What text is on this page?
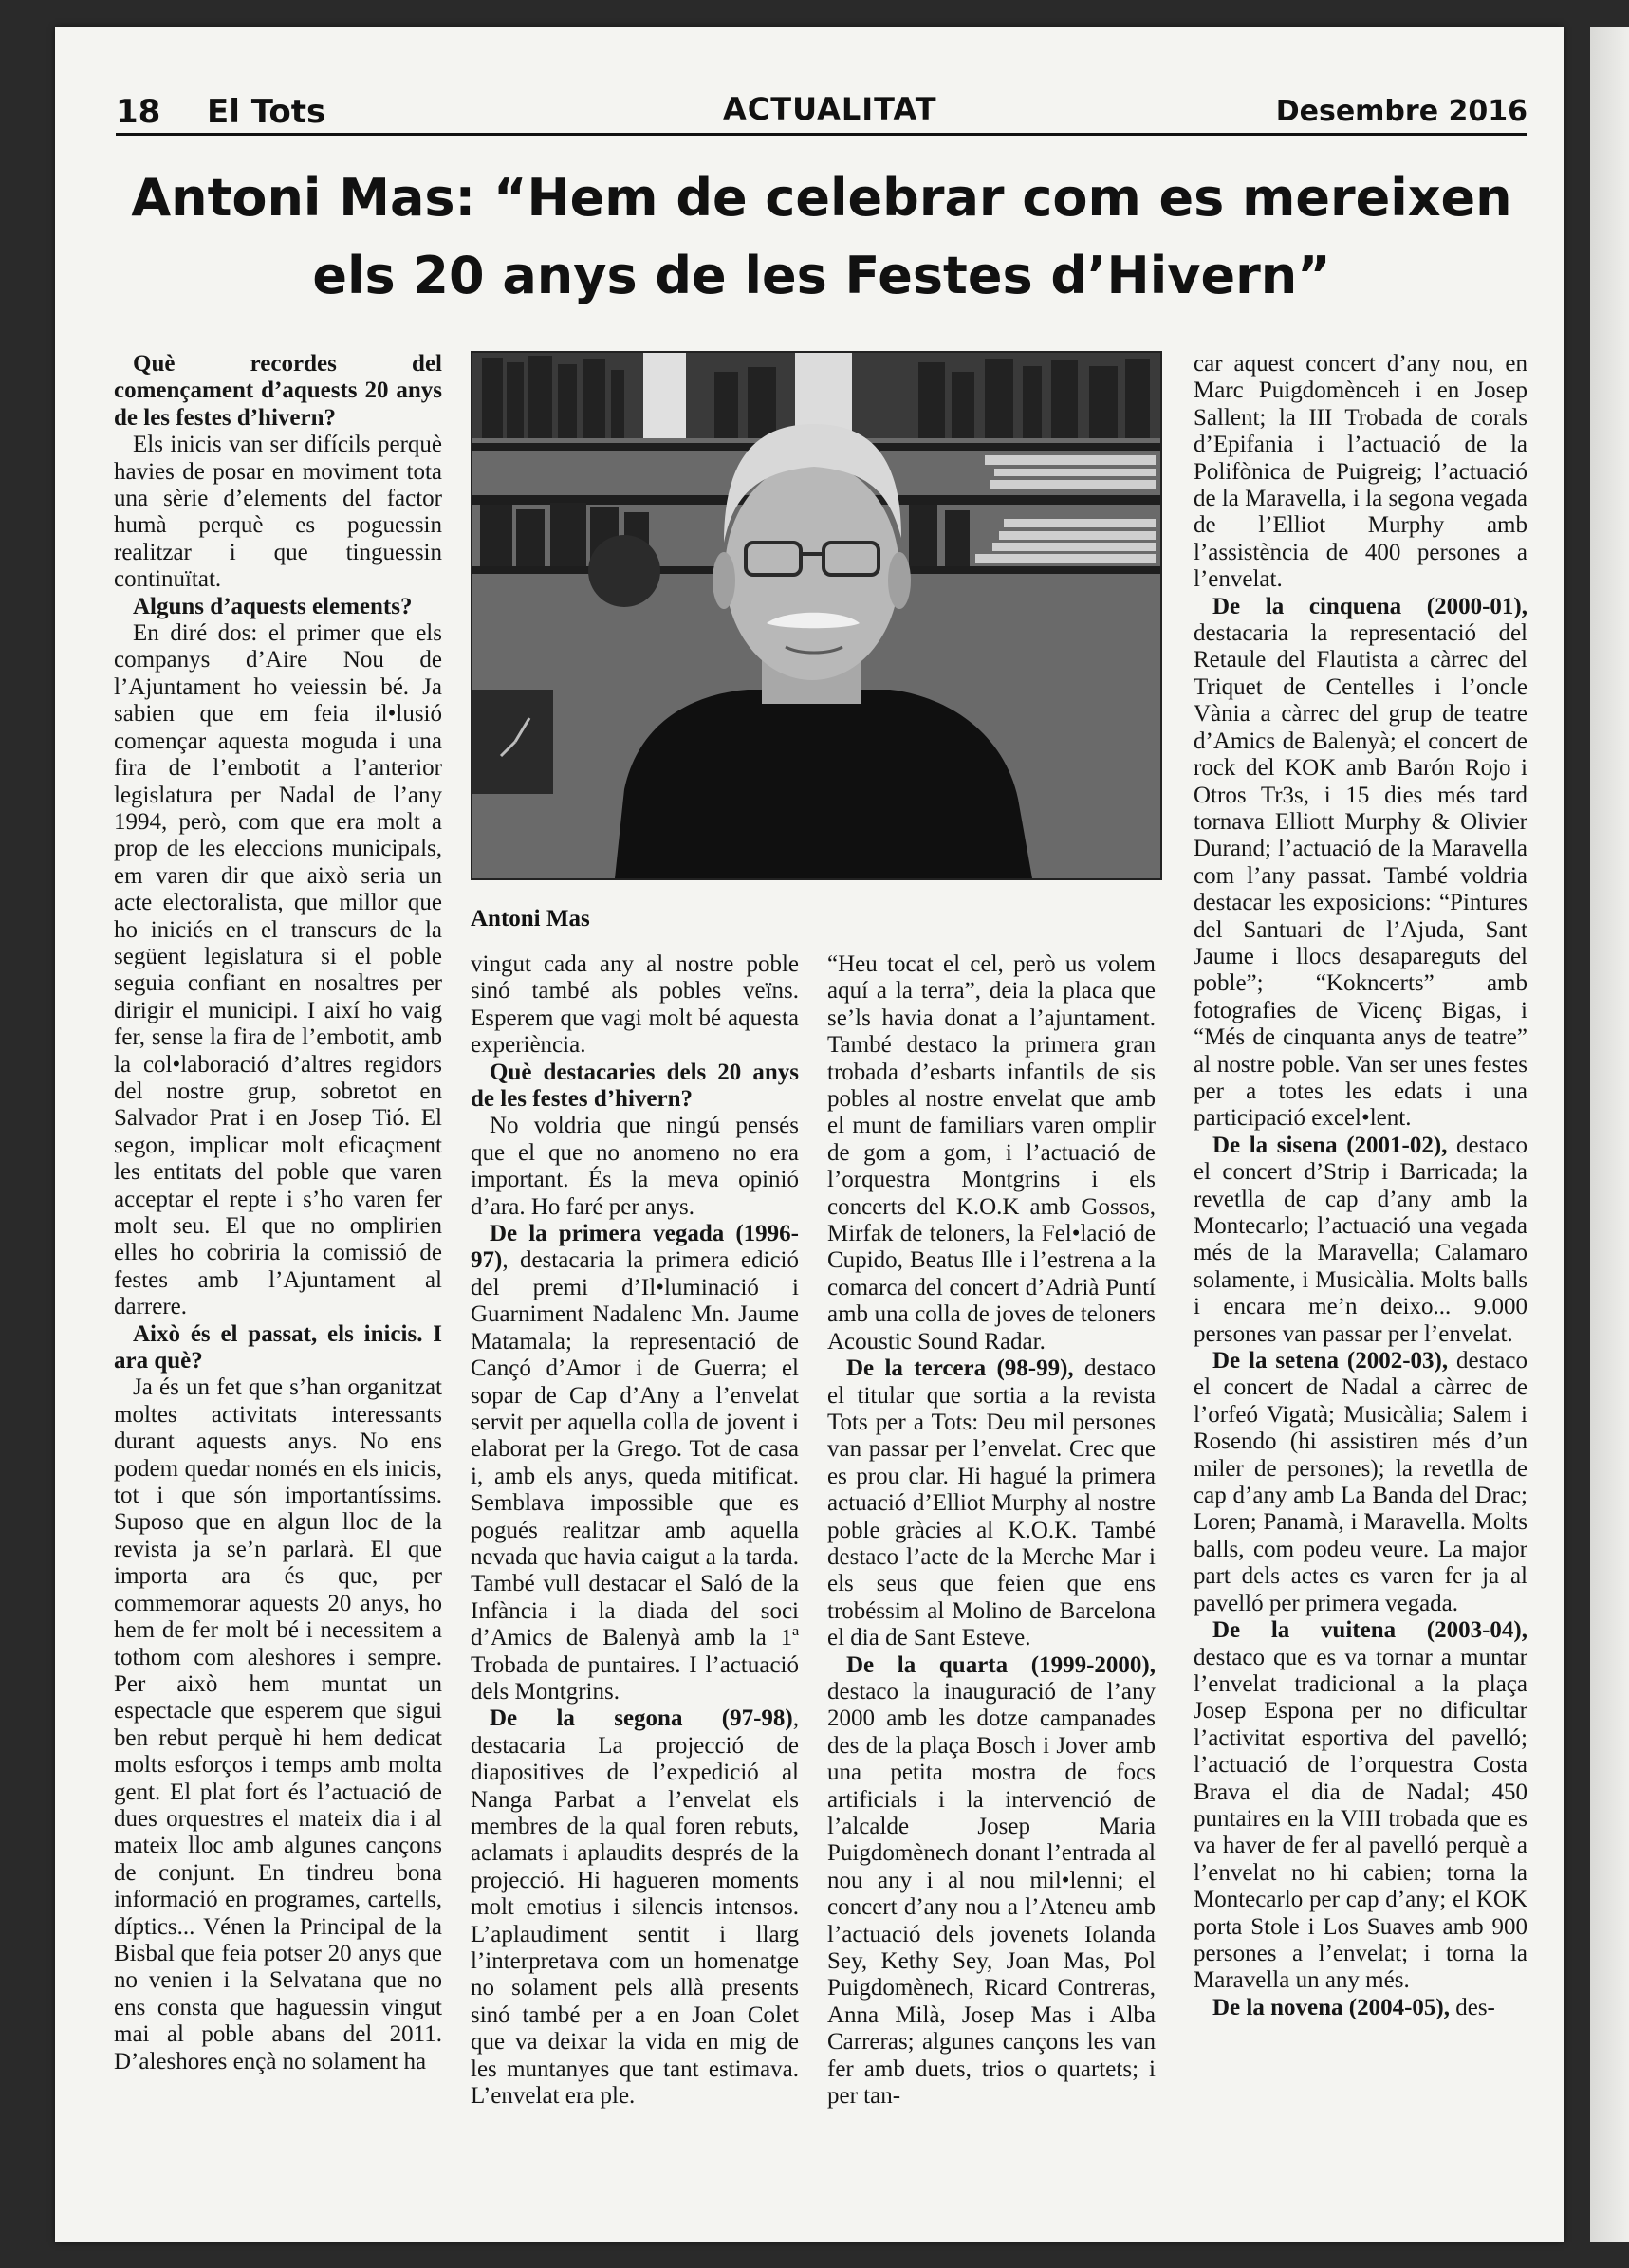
18 El Tots	ACTUALITAT	Desembre 2016
Antoni Mas: “Hem de celebrar com es mereixen
els 20 anys de les Festes d’Hivern”

Què recordes del començament d’aquests 20 anys de les festes d’hivern?

Els inicis van ser difícils perquè havies de posar en moviment tota una sèrie d’elements del factor humà perquè es poguessin realitzar i que tinguessin continuïtat.

Alguns d’aquests elements?

En diré dos: el primer que els companys d’Aire Nou de l’Ajuntament ho veiessin bé. Ja sabien que em feia il•lusió començar aquesta moguda i una fira de l’embotit a l’anterior legislatura per Nadal de l’any 1994, però, com que era molt a prop de les eleccions municipals, em varen dir que això seria un acte electoralista, que millor que ho iniciés en el transcurs de la següent legislatura si el poble seguia confiant en nosaltres per dirigir el municipi. I així ho vaig fer, sense la fira de l’embotit, amb la col•laboració d’altres regidors del nostre grup, sobretot en Salvador Prat i en Josep Tió. El segon, implicar molt eficaçment les entitats del poble que varen acceptar el repte i s’ho varen fer molt seu. El que no omplirien elles ho cobriria la comissió de festes amb l’Ajuntament al darrere.

Això és el passat, els inicis. I ara què?

Ja és un fet que s’han organitzat moltes activitats interessants durant aquests anys. No ens podem quedar només en els inicis, tot i que són importantíssims. Suposo que en algun lloc de la revista ja se’n parlarà. El que importa ara és que, per commemorar aquests 20 anys, ho hem de fer molt bé i necessitem a tothom com aleshores i sempre. Per això hem muntat un espectacle que esperem que sigui ben rebut perquè hi hem dedicat molts esforços i temps amb molta gent. El plat fort és l’actuació de dues orquestres el mateix dia i al mateix lloc amb algunes cançons de conjunt. En tindreu bona informació en programes, cartells, díptics... Vénen la Principal de la Bisbal que feia potser 20 anys que no venien i la Selvatana que no ens consta que haguessin vingut mai al poble abans del 2011. D’aleshores ençà no solament ha

Antoni Mas

vingut cada any al nostre poble sinó també als pobles veïns. Esperem que vagi molt bé aquesta experiència.

Què destacaries dels 20 anys de les festes d’hivern?

No voldria que ningú pensés que el que no anomeno no era important. És la meva opinió d’ara. Ho faré per anys.

De la primera vegada (1996-97), destacaria la primera edició del premi d’Il•luminació i Guarniment Nadalenc Mn. Jaume Matamala; la representació de Cançó d’Amor i de Guerra; el sopar de Cap d’Any a l’envelat servit per aquella colla de jovent i elaborat per la Grego. Tot de casa i, amb els anys, queda mitificat. Semblava impossible que es pogués realitzar amb aquella nevada que havia caigut a la tarda. També vull destacar el Saló de la Infància i la diada del soci d’Amics de Balenyà amb la 1ª Trobada de puntaires. I l’actuació dels Montgrins.

De la segona (97-98), destacaria La projecció de diapositives de l’expedició al Nanga Parbat a l’envelat els membres de la qual foren rebuts, aclamats i aplaudits després de la projecció. Hi hagueren moments molt emotius i silencis intensos. L’aplaudiment sentit i llarg l’interpretava com un homenatge no solament pels allà presents sinó també per a en Joan Colet que va deixar la vida en mig de les muntanyes que tant estimava. L’envelat era ple.

“Heu tocat el cel, però us volem aquí a la terra”, deia la placa que se’ls havia donat a l’ajuntament. També destaco la primera gran trobada d’esbarts infantils de sis pobles al nostre envelat que amb el munt de familiars varen omplir de gom a gom, i l’actuació de l’orquestra Montgrins i els concerts del K.O.K amb Gossos, Mirfak de teloners, la Fel•lació de Cupido, Beatus Ille i l’estrena a la comarca del concert d’Adrià Puntí amb una colla de joves de teloners Acoustic Sound Radar.

De la tercera (98-99), destaco el titular que sortia a la revista Tots per a Tots: Deu mil persones van passar per l’envelat. Crec que es prou clar. Hi hagué la primera actuació d’Elliot Murphy al nostre poble gràcies al K.O.K. També destaco l’acte de la Merche Mar i els seus que feien que ens trobéssim al Molino de Barcelona el dia de Sant Esteve.

De la quarta (1999-2000), destaco la inauguració de l’any 2000 amb les dotze campanades des de la plaça Bosch i Jover amb una petita mostra de focs artificials i la intervenció de l’alcalde Josep Maria Puigdomènech donant l’entrada al nou any i al nou mil•lenni; el concert d’any nou a l’Ateneu amb l’actuació dels jovenets Iolanda Sey, Kethy Sey, Joan Mas, Pol Puigdomènech, Ricard Contreras, Anna Milà, Josep Mas i Alba Carreras; algunes cançons les van fer amb duets, trios o quartets; i per tan-

car aquest concert d’any nou, en Marc Puigdomènceh i en Josep Sallent; la III Trobada de corals d’Epifania i l’actuació de la Polifònica de Puigreig; l’actuació de la Maravella, i la segona vegada de l’Elliot Murphy amb l’assistència de 400 persones a l’envelat.

De la cinquena (2000-01), destacaria la representació del Retaule del Flautista a càrrec del Triquet de Centelles i l’oncle Vània a càrrec del grup de teatre d’Amics de Balenyà; el concert de rock del KOK amb Barón Rojo i Otros Tr3s, i 15 dies més tard tornava Elliott Murphy & Olivier Durand; l’actuació de la Maravella com l’any passat. També voldria destacar les exposicions: “Pintures del Santuari de l’Ajuda, Sant Jaume i llocs desapareguts del poble”; “Kokncerts” amb fotografies de Vicenç Bigas, i “Més de cinquanta anys de teatre” al nostre poble. Van ser unes festes per a totes les edats i una participació excel•lent.

De la sisena (2001-02), destaco el concert d’Strip i Barricada; la revetlla de cap d’any amb la Montecarlo; l’actuació una vegada més de la Maravella; Calamaro solamente, i Musicàlia. Molts balls i encara me’n deixo... 9.000 persones van passar per l’envelat.

De la setena (2002-03), destaco el concert de Nadal a càrrec de l’orfeó Vigatà; Musicàlia; Salem i Rosendo (hi assistiren més d’un miler de persones); la revetlla de cap d’any amb La Banda del Drac; Loren; Panamà, i Maravella. Molts balls, com podeu veure. La major part dels actes es varen fer ja al pavelló per primera vegada.

De la vuitena (2003-04), destaco que es va tornar a muntar l’envelat tradicional a la plaça Josep Espona per no dificultar l’activitat esportiva del pavelló; l’actuació de l’orquestra Costa Brava el dia de Nadal; 450 puntaires en la VIII trobada que es va haver de fer al pavelló perquè a l’envelat no hi cabien; torna la Montecarlo per cap d’any; el KOK porta Stole i Los Suaves amb 900 persones a l’envelat; i torna la Maravella un any més.

De la novena (2004-05), des-
